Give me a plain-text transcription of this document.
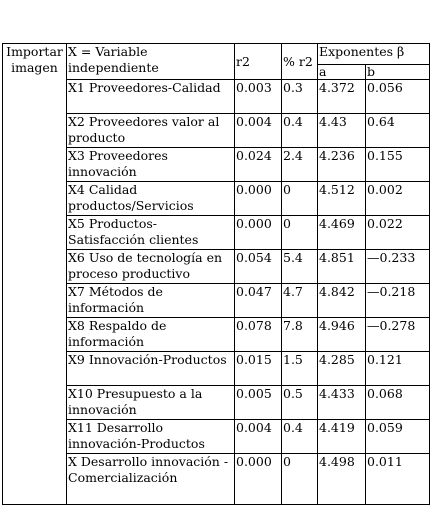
Importar imagen	X = Variable independiente	r2	% r2	Exponentes β	
				a	b
	X1 Proveedores-Calidad	0.003	0.3	4.372	0.056
	X2 Proveedores valor al producto	0.004	0.4	4.43	0.64
	X3 Proveedores innovación	0.024	2.4	4.236	0.155
	X4 Calidad productos/Servicios	0.000	0	4.512	0.002
	X5 Productos-Satisfacción clientes	0.000	0	4.469	0.022
	X6 Uso de tecnología en proceso productivo	0.054	5.4	4.851	—0.233
	X7 Métodos de información	0.047	4.7	4.842	—0.218
	X8 Respaldo de información	0.078	7.8	4.946	—0.278
	X9 Innovación-Productos	0.015	1.5	4.285	0.121
	X10 Presupuesto a la innovación	0.005	0.5	4.433	0.068
	X11 Desarrollo innovación-Productos	0.004	0.4	4.419	0.059
	X Desarrollo innovación - Comercialización	0.000	0	4.498	0.011
